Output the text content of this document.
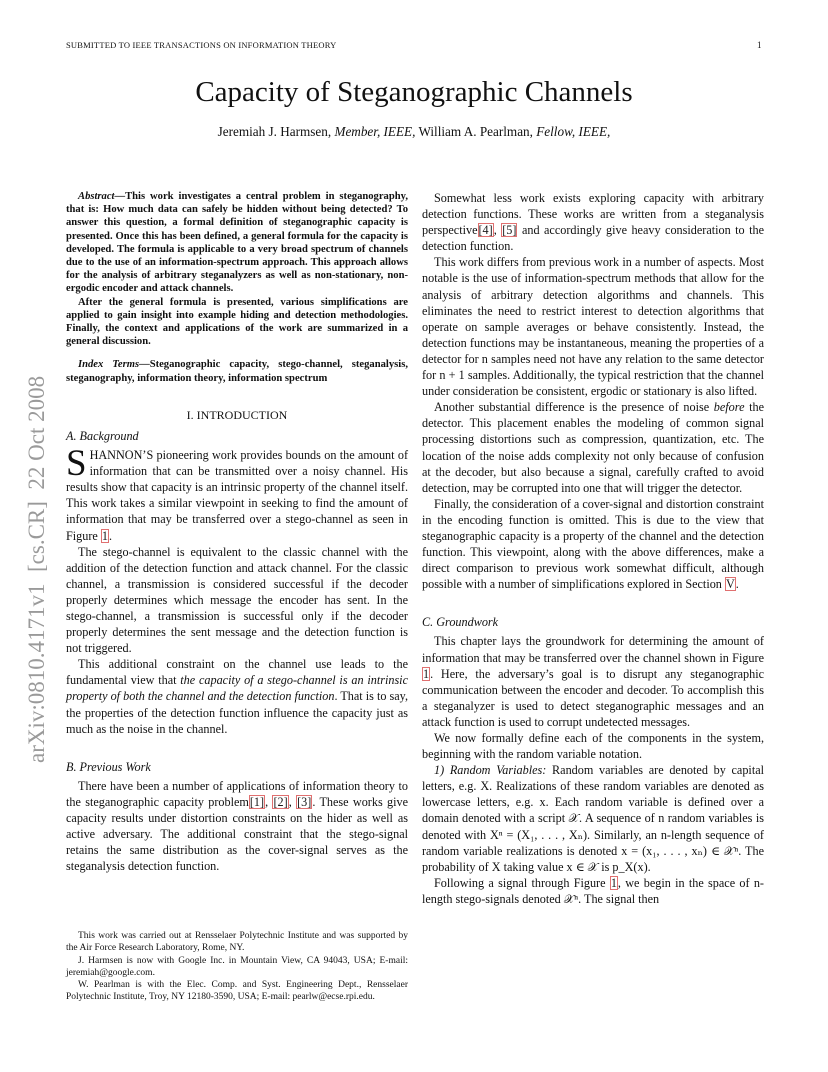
SUBMITTED TO IEEE TRANSACTIONS ON INFORMATION THEORY	1
Capacity of Steganographic Channels
Jeremiah J. Harmsen, Member, IEEE, William A. Pearlman, Fellow, IEEE,
arXiv:0810.4171v1  [cs.CR]  22 Oct 2008

Abstract—This work investigates a central problem in steganography, that is: How much data can safely be hidden without being detected? To answer this question, a formal definition of steganographic capacity is presented. Once this has been defined, a general formula for the capacity is developed. The formula is applicable to a very broad spectrum of channels due to the use of an information-spectrum approach. This approach allows for the analysis of arbitrary steganalyzers as well as non-stationary, non-ergodic encoder and attack channels.

After the general formula is presented, various simplifications are applied to gain insight into example hiding and detection methodologies. Finally, the context and applications of the work are summarized in a general discussion.

Index Terms—Steganographic capacity, stego-channel, steganalysis, steganography, information theory, information spectrum

I. INTRODUCTION
A. Background

SHANNON’S pioneering work provides bounds on the amount of information that can be transmitted over a noisy channel. His results show that capacity is an intrinsic property of the channel itself. This work takes a similar viewpoint in seeking to find the amount of information that may be transferred over a stego-channel as seen in Figure 1.

The stego-channel is equivalent to the classic channel with the addition of the detection function and attack channel. For the classic channel, a transmission is considered successful if the decoder properly determines which message the encoder has sent. In the stego-channel, a transmission is successful only if the decoder properly determines the sent message and the detection function is not triggered.

This additional constraint on the channel use leads to the fundamental view that the capacity of a stego-channel is an intrinsic property of both the channel and the detection function. That is to say, the properties of the detection function influence the capacity just as much as the noise in the channel.

B. Previous Work

There have been a number of applications of information theory to the steganographic capacity problem[1], [2], [3]. These works give capacity results under distortion constraints on the hider as well as active adversary. The additional constraint that the stego-signal retains the same distribution as the cover-signal serves as the steganalysis detection function.

This work was carried out at Rensselaer Polytechnic Institute and was supported by the Air Force Research Laboratory, Rome, NY.

J. Harmsen is now with Google Inc. in Mountain View, CA 94043, USA; E-mail: jeremiah@google.com.

W. Pearlman is with the Elec. Comp. and Syst. Engineering Dept., Rensselaer Polytechnic Institute, Troy, NY 12180-3590, USA; E-mail: pearlw@ecse.rpi.edu.

Somewhat less work exists exploring capacity with arbitrary detection functions. These works are written from a steganalysis perspective[4], [5] and accordingly give heavy consideration to the detection function.

This work differs from previous work in a number of aspects. Most notable is the use of information-spectrum methods that allow for the analysis of arbitrary detection algorithms and channels. This eliminates the need to restrict interest to detection algorithms that operate on sample averages or behave consistently. Instead, the detection functions may be instantaneous, meaning the properties of a detector for n samples need not have any relation to the same detector for n + 1 samples. Additionally, the typical restriction that the channel under consideration be consistent, ergodic or stationary is also lifted.

Another substantial difference is the presence of noise before the detector. This placement enables the modeling of common signal processing distortions such as compression, quantization, etc. The location of the noise adds complexity not only because of confusion at the decoder, but also because a signal, carefully crafted to avoid detection, may be corrupted into one that will trigger the detector.

Finally, the consideration of a cover-signal and distortion constraint in the encoding function is omitted. This is due to the view that steganographic capacity is a property of the channel and the detection function. This viewpoint, along with the above differences, make a direct comparison to previous work somewhat difficult, although possible with a number of simplifications explored in Section V.

C. Groundwork

This chapter lays the groundwork for determining the amount of information that may be transferred over the channel shown in Figure 1. Here, the adversary’s goal is to disrupt any steganographic communication between the encoder and decoder. To accomplish this a steganalyzer is used to detect steganographic messages and an attack function is used to corrupt undetected messages.

We now formally define each of the components in the system, beginning with the random variable notation.

1) Random Variables: Random variables are denoted by capital letters, e.g. X. Realizations of these random variables are denoted as lowercase letters, e.g. x. Each random variable is defined over a domain denoted with a script 𝒳. A sequence of n random variables is denoted with Xⁿ = (X₁, . . . , Xₙ). Similarly, an n-length sequence of random variable realizations is denoted x = (x₁, . . . , xₙ) ∈ 𝒳ⁿ. The probability of X taking value x ∈ 𝒳 is p_X(x).

Following a signal through Figure 1, we begin in the space of n-length stego-signals denoted 𝒳ⁿ. The signal then
